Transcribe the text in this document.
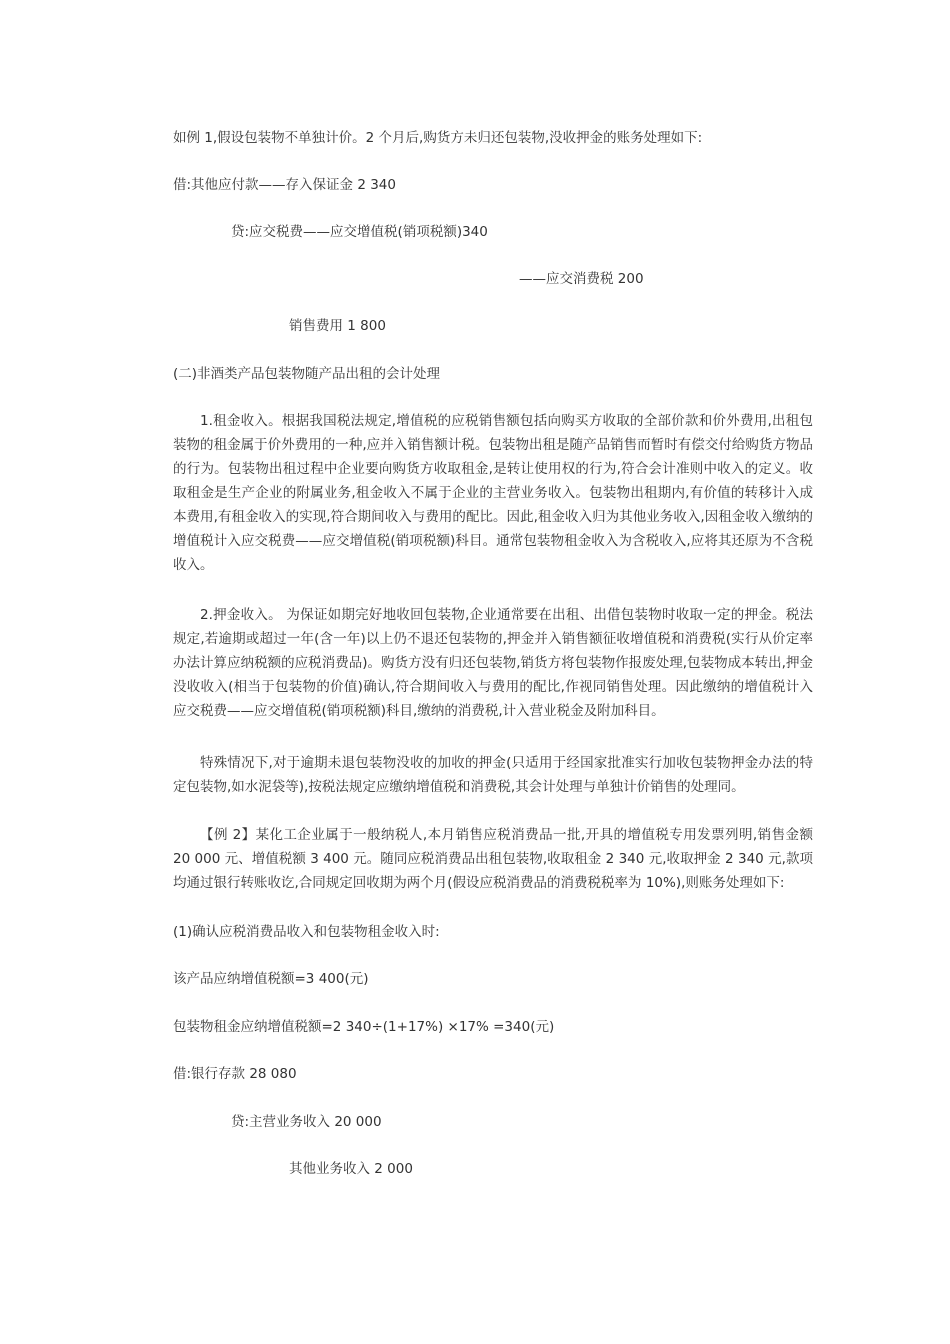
如例 1,假设包装物不单独计价。2 个月后,购货方未归还包装物,没收押金的账务处理如下:
借:其他应付款——存入保证金 2 340
贷:应交税费——应交增值税(销项税额)340
——应交消费税 200
销售费用 1 800
(二)非酒类产品包装物随产品出租的会计处理
1.租金收入。根据我国税法规定,增值税的应税销售额包括向购买方收取的全部价款和价外费用,出租包装物的租金属于价外费用的一种,应并入销售额计税。包装物出租是随产品销售而暂时有偿交付给购货方物品的行为。包装物出租过程中企业要向购货方收取租金,是转让使用权的行为,符合会计准则中收入的定义。收取租金是生产企业的附属业务,租金收入不属于企业的主营业务收入。包装物出租期内,有价值的转移计入成本费用,有租金收入的实现,符合期间收入与费用的配比。因此,租金收入归为其他业务收入,因租金收入缴纳的增值税计入应交税费——应交增值税(销项税额)科目。通常包装物租金收入为含税收入,应将其还原为不含税收入。
2.押金收入。 为保证如期完好地收回包装物,企业通常要在出租、出借包装物时收取一定的押金。税法规定,若逾期或超过一年(含一年)以上仍不退还包装物的,押金并入销售额征收增值税和消费税(实行从价定率办法计算应纳税额的应税消费品)。购货方没有归还包装物,销货方将包装物作报废处理,包装物成本转出,押金没收收入(相当于包装物的价值)确认,符合期间收入与费用的配比,作视同销售处理。因此缴纳的增值税计入应交税费——应交增值税(销项税额)科目,缴纳的消费税,计入营业税金及附加科目。
特殊情况下,对于逾期未退包装物没收的加收的押金(只适用于经国家批准实行加收包装物押金办法的特定包装物,如水泥袋等),按税法规定应缴纳增值税和消费税,其会计处理与单独计价销售的处理同。
【例 2】某化工企业属于一般纳税人,本月销售应税消费品一批,开具的增值税专用发票列明,销售金额 20 000 元、增值税额 3 400 元。随同应税消费品出租包装物,收取租金 2 340 元,收取押金 2 340 元,款项均通过银行转账收讫,合同规定回收期为两个月(假设应税消费品的消费税税率为 10%),则账务处理如下:
(1)确认应税消费品收入和包装物租金收入时:
该产品应纳增值税额=3 400(元)
包装物租金应纳增值税额=2 340÷(1+17%) ×17% =340(元)
借:银行存款 28 080
贷:主营业务收入 20 000
其他业务收入 2 000
